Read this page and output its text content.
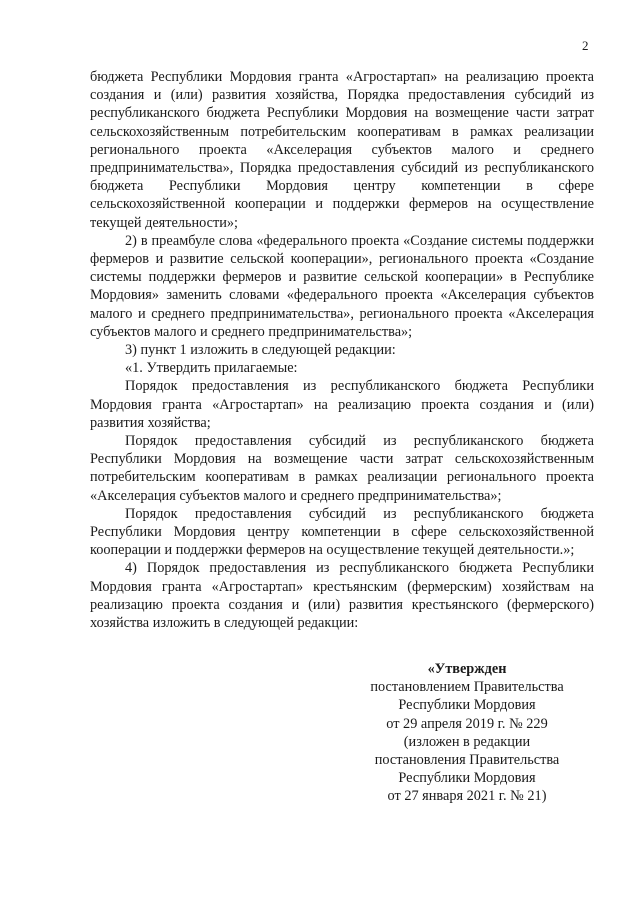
2

бюджета Республики Мордовия гранта «Агростартап» на реализацию проекта создания и (или) развития хозяйства, Порядка предоставления субсидий из республиканского бюджета Республики Мордовия на возмещение части затрат сельскохозяйственным потребительским кооперативам в рамках реализации регионального проекта «Акселерация субъектов малого и среднего предпринимательства», Порядка предоставления субсидий из республиканского бюджета Республики Мордовия центру компетенции в сфере сельскохозяйственной кооперации и поддержки фермеров на осуществление текущей деятельности»;

2) в преамбуле слова «федерального проекта «Создание системы поддержки фермеров и развитие сельской кооперации», регионального проекта «Создание системы поддержки фермеров и развитие сельской кооперации» в Республике Мордовия» заменить словами «федерального проекта «Акселерация субъектов малого и среднего предпринимательства», регионального проекта «Акселерация субъектов малого и среднего предпринимательства»;

3) пункт 1 изложить в следующей редакции:

«1. Утвердить прилагаемые:

Порядок предоставления из республиканского бюджета Республики Мордовия гранта «Агростартап» на реализацию проекта создания и (или) развития хозяйства;

Порядок предоставления субсидий из республиканского бюджета Республики Мордовия на возмещение части затрат сельскохозяйственным потребительским кооперативам в рамках реализации регионального проекта «Акселерация субъектов малого и среднего предпринимательства»;

Порядок предоставления субсидий из республиканского бюджета Республики Мордовия центру компетенции в сфере сельскохозяйственной кооперации и поддержки фермеров на осуществление текущей деятельности.»;

4) Порядок предоставления из республиканского бюджета Республики Мордовия гранта «Агростартап» крестьянским (фермерским) хозяйствам на реализацию проекта создания и (или) развития крестьянского (фермерского) хозяйства изложить в следующей редакции:

«Утвержден
постановлением Правительства
Республики Мордовия
от 29 апреля 2019 г. № 229
(изложен в редакции
постановления Правительства
Республики Мордовия
от 27 января 2021 г. № 21)
